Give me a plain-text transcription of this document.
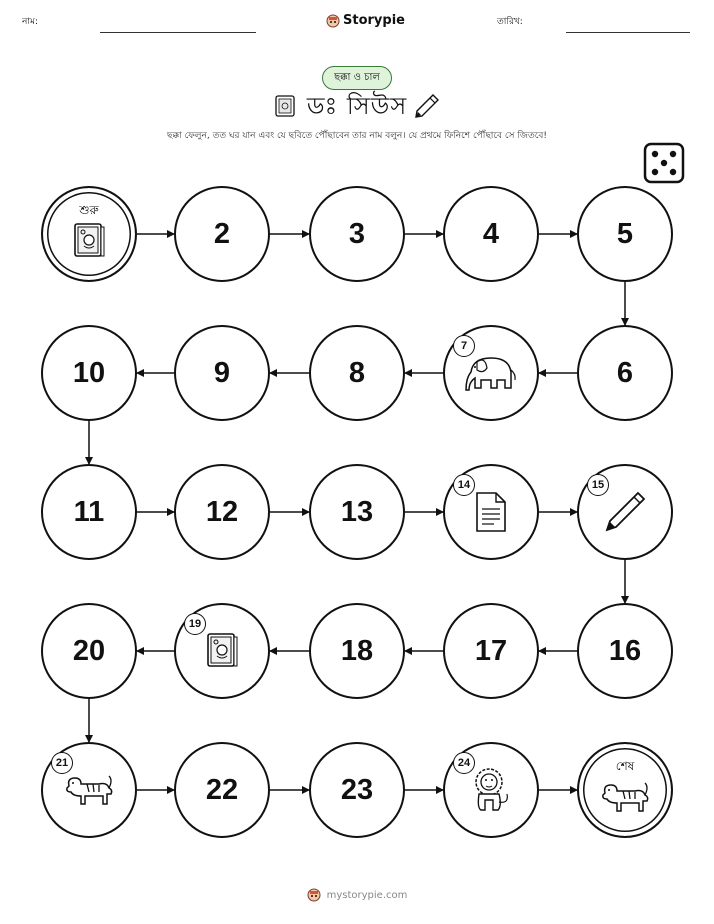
নাম:	Storypie	তারিখ:
ছক্কা ও চাল
ডঃ সিউস
ছক্কা ফেলুন, তত ঘর যান এবং যে ছবিতে পৌঁছাবেন তার নাম বলুন। যে প্রথমে ফিনিশে পৌঁছাবে সে জিতবে!
শুরু
2	3	4	5
6
7
8
9
10
11	12	13
14	15
16
17
18
19
20
21
22	23
24	শেষ
mystorypie.com
